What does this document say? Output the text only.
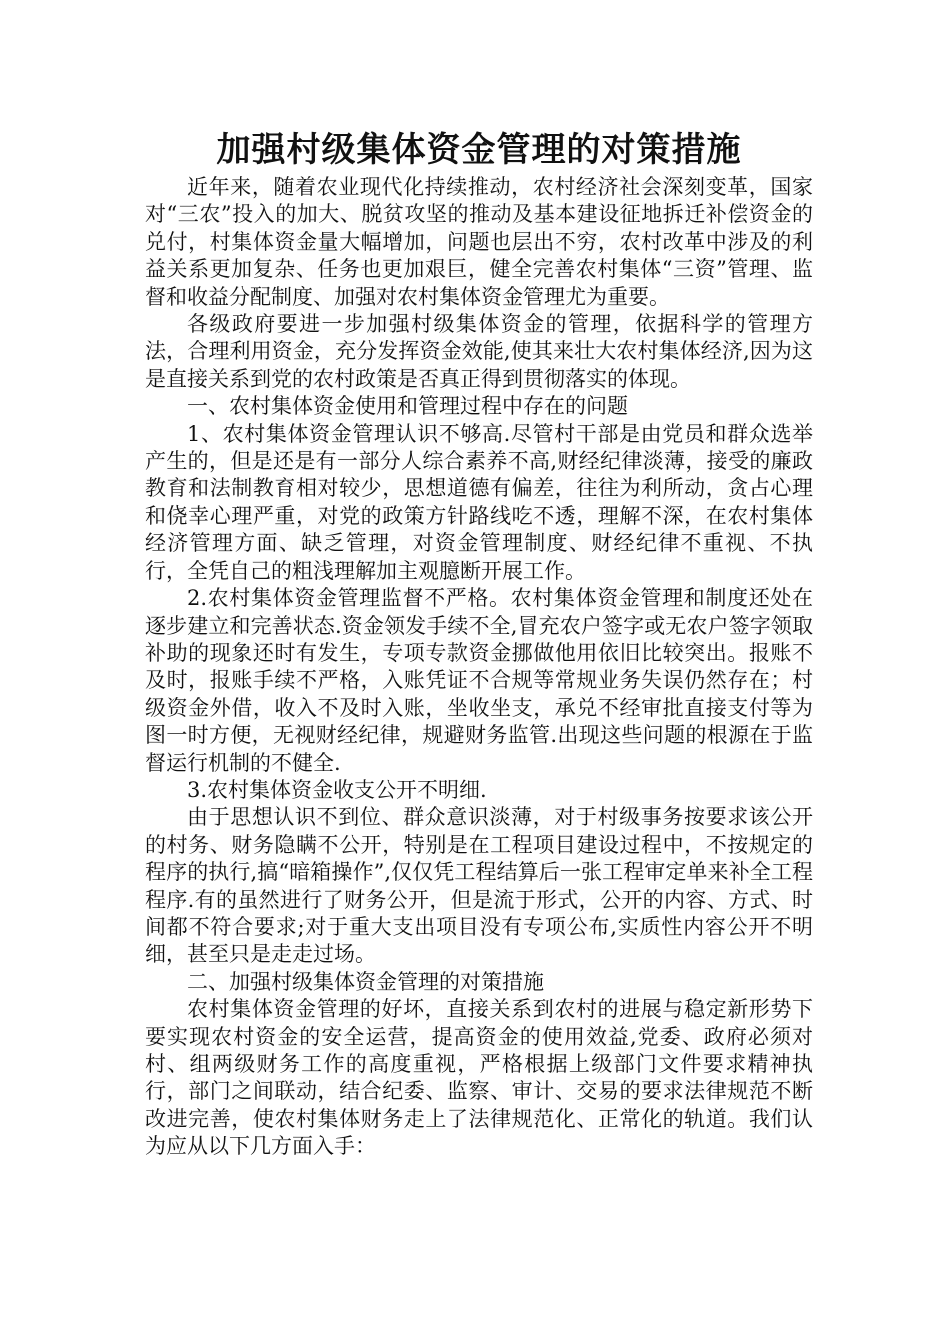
加强村级集体资金管理的对策措施

近年来，随着农业现代化持续推动，农村经济社会深刻变革，国家对“三农”投入的加大、脱贫攻坚的推动及基本建设征地拆迁补偿资金的兑付，村集体资金量大幅增加，问题也层出不穷，农村改革中涉及的利益关系更加复杂、任务也更加艰巨，健全完善农村集体“三资”管理、监督和收益分配制度、加强对农村集体资金管理尤为重要。

各级政府要进一步加强村级集体资金的管理，依据科学的管理方法，合理利用资金，充分发挥资金效能,使其来壮大农村集体经济,因为这是直接关系到党的农村政策是否真正得到贯彻落实的体现。

一、农村集体资金使用和管理过程中存在的问题

1、农村集体资金管理认识不够高.尽管村干部是由党员和群众选举产生的，但是还是有一部分人综合素养不高,财经纪律淡薄，接受的廉政教育和法制教育相对较少，思想道德有偏差，往往为利所动，贪占心理和侥幸心理严重，对党的政策方针路线吃不透，理解不深，在农村集体经济管理方面、缺乏管理，对资金管理制度、财经纪律不重视、不执行，全凭自己的粗浅理解加主观臆断开展工作。

2.农村集体资金管理监督不严格。农村集体资金管理和制度还处在逐步建立和完善状态.资金领发手续不全,冒充农户签字或无农户签字领取补助的现象还时有发生，专项专款资金挪做他用依旧比较突出。报账不及时，报账手续不严格，入账凭证不合规等常规业务失误仍然存在；村级资金外借，收入不及时入账，坐收坐支，承兑不经审批直接支付等为图一时方便，无视财经纪律，规避财务监管.出现这些问题的根源在于监督运行机制的不健全.

3.农村集体资金收支公开不明细.

由于思想认识不到位、群众意识淡薄，对于村级事务按要求该公开的村务、财务隐瞒不公开，特别是在工程项目建设过程中，不按规定的程序的执行,搞“暗箱操作”,仅仅凭工程结算后一张工程审定单来补全工程程序.有的虽然进行了财务公开，但是流于形式，公开的内容、方式、时间都不符合要求;对于重大支出项目没有专项公布,实质性内容公开不明细，甚至只是走走过场。

二、加强村级集体资金管理的对策措施

农村集体资金管理的好坏，直接关系到农村的进展与稳定新形势下要实现农村资金的安全运营，提高资金的使用效益,党委、政府必须对村、组两级财务工作的高度重视，严格根据上级部门文件要求精神执行，部门之间联动，结合纪委、监察、审计、交易的要求法律规范不断改进完善，使农村集体财务走上了法律规范化、正常化的轨道。我们认为应从以下几方面入手：
